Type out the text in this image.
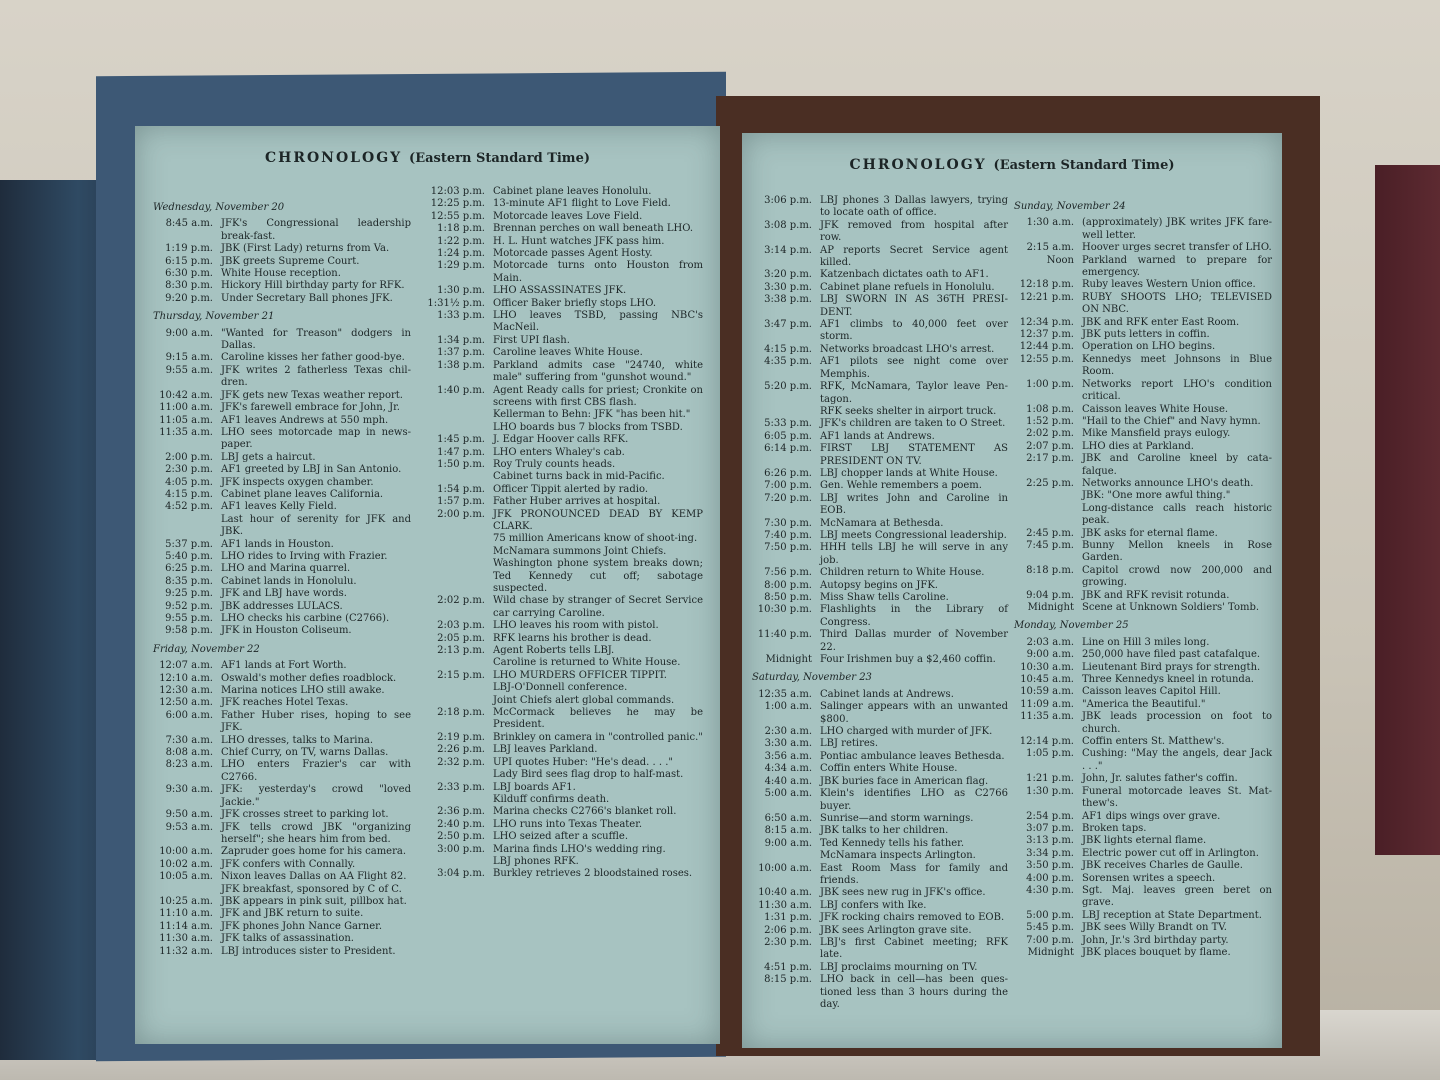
CHRONOLOGY (Eastern Standard Time)
Wednesday, November 20
8:45 a.m. JFK's Congressional leadership break-fast.
1:19 p.m. JBK (First Lady) returns from Va.
6:15 p.m. JBK greets Supreme Court.
6:30 p.m. White House reception.
8:30 p.m. Hickory Hill birthday party for RFK.
9:20 p.m. Under Secretary Ball phones JFK.
Thursday, November 21
9:00 a.m. "Wanted for Treason" dodgers in Dallas.
9:15 a.m. Caroline kisses her father good-bye.
9:55 a.m. JFK writes 2 fatherless Texas chil-dren.
10:42 a.m. JFK gets new Texas weather report.
11:00 a.m. JFK's farewell embrace for John, Jr.
11:05 a.m. AF1 leaves Andrews at 550 mph.
11:35 a.m. LHO sees motorcade map in news-paper.
2:00 p.m. LBJ gets a haircut.
2:30 p.m. AF1 greeted by LBJ in San Antonio.
4:05 p.m. JFK inspects oxygen chamber.
4:15 p.m. Cabinet plane leaves California.
4:52 p.m. AF1 leaves Kelly Field.
Last hour of serenity for JFK and JBK.
5:37 p.m. AF1 lands in Houston.
5:40 p.m. LHO rides to Irving with Frazier.
6:25 p.m. LHO and Marina quarrel.
8:35 p.m. Cabinet lands in Honolulu.
9:25 p.m. JFK and LBJ have words.
9:52 p.m. JBK addresses LULACS.
9:55 p.m. LHO checks his carbine (C2766).
9:58 p.m. JFK in Houston Coliseum.
Friday, November 22
12:07 a.m. AF1 lands at Fort Worth.
12:10 a.m. Oswald's mother defies roadblock.
12:30 a.m. Marina notices LHO still awake.
12:50 a.m. JFK reaches Hotel Texas.
6:00 a.m. Father Huber rises, hoping to see JFK.
7:30 a.m. LHO dresses, talks to Marina.
8:08 a.m. Chief Curry, on TV, warns Dallas.
8:23 a.m. LHO enters Frazier's car with C2766.
9:30 a.m. JFK: yesterday's crowd "loved Jackie."
9:50 a.m. JFK crosses street to parking lot.
9:53 a.m. JFK tells crowd JBK "organizing herself"; she hears him from bed.
10:00 a.m. Zapruder goes home for his camera.
10:02 a.m. JFK confers with Connally.
10:05 a.m. Nixon leaves Dallas on AA Flight 82.
JFK breakfast, sponsored by C of C.
10:25 a.m. JBK appears in pink suit, pillbox hat.
11:10 a.m. JFK and JBK return to suite.
11:14 a.m. JFK phones John Nance Garner.
11:30 a.m. JFK talks of assassination.
11:32 a.m. LBJ introduces sister to President.
12:03 p.m. Cabinet plane leaves Honolulu.
12:25 p.m. 13-minute AF1 flight to Love Field.
12:55 p.m. Motorcade leaves Love Field.
1:18 p.m. Brennan perches on wall beneath LHO.
1:22 p.m. H. L. Hunt watches JFK pass him.
1:24 p.m. Motorcade passes Agent Hosty.
1:29 p.m. Motorcade turns onto Houston from Main.
1:30 p.m. LHO ASSASSINATES JFK.
1:31½ p.m. Officer Baker briefly stops LHO.
1:33 p.m. LHO leaves TSBD, passing NBC's MacNeil.
1:34 p.m. First UPI flash.
1:37 p.m. Caroline leaves White House.
1:38 p.m. Parkland admits case "24740, white male" suffering from "gunshot wound."
1:40 p.m. Agent Ready calls for priest; Cronkite on screens with first CBS flash.
Kellerman to Behn: JFK "has been hit."
LHO boards bus 7 blocks from TSBD.
1:45 p.m. J. Edgar Hoover calls RFK.
1:47 p.m. LHO enters Whaley's cab.
1:50 p.m. Roy Truly counts heads.
Cabinet turns back in mid-Pacific.
1:54 p.m. Officer Tippit alerted by radio.
1:57 p.m. Father Huber arrives at hospital.
2:00 p.m. JFK PRONOUNCED DEAD BY KEMP CLARK.
75 million Americans know of shoot-ing.
McNamara summons Joint Chiefs.
Washington phone system breaks down; Ted Kennedy cut off; sabotage suspected.
2:02 p.m. Wild chase by stranger of Secret Service car carrying Caroline.
2:03 p.m. LHO leaves his room with pistol.
2:05 p.m. RFK learns his brother is dead.
2:13 p.m. Agent Roberts tells LBJ.
Caroline is returned to White House.
2:15 p.m. LHO MURDERS OFFICER TIPPIT.
LBJ-O'Donnell conference.
Joint Chiefs alert global commands.
2:18 p.m. McCormack believes he may be President.
2:19 p.m. Brinkley on camera in "controlled panic."
2:26 p.m. LBJ leaves Parkland.
2:32 p.m. UPI quotes Huber: "He's dead. . . ."
Lady Bird sees flag drop to half-mast.
2:33 p.m. LBJ boards AF1.
Kilduff confirms death.
2:36 p.m. Marina checks C2766's blanket roll.
2:40 p.m. LHO runs into Texas Theater.
2:50 p.m. LHO seized after a scuffle.
3:00 p.m. Marina finds LHO's wedding ring.
LBJ phones RFK.
3:04 p.m. Burkley retrieves 2 bloodstained roses.
CHRONOLOGY (Eastern Standard Time)
3:06 p.m. LBJ phones 3 Dallas lawyers, trying to locate oath of office.
3:08 p.m. JFK removed from hospital after row.
3:14 p.m. AP reports Secret Service agent killed.
3:20 p.m. Katzenbach dictates oath to AF1.
3:30 p.m. Cabinet plane refuels in Honolulu.
3:38 p.m. LBJ SWORN IN AS 36TH PRESI-DENT.
3:47 p.m. AF1 climbs to 40,000 feet over storm.
4:15 p.m. Networks broadcast LHO's arrest.
4:35 p.m. AF1 pilots see night come over Memphis.
5:20 p.m. RFK, McNamara, Taylor leave Pen-tagon.
RFK seeks shelter in airport truck.
5:33 p.m. JFK's children are taken to O Street.
6:05 p.m. AF1 lands at Andrews.
6:14 p.m. FIRST LBJ STATEMENT AS PRESIDENT ON TV.
6:26 p.m. LBJ chopper lands at White House.
7:00 p.m. Gen. Wehle remembers a poem.
7:20 p.m. LBJ writes John and Caroline in EOB.
7:30 p.m. McNamara at Bethesda.
7:40 p.m. LBJ meets Congressional leadership.
7:50 p.m. HHH tells LBJ he will serve in any job.
7:56 p.m. Children return to White House.
8:00 p.m. Autopsy begins on JFK.
8:50 p.m. Miss Shaw tells Caroline.
10:30 p.m. Flashlights in the Library of Congress.
11:40 p.m. Third Dallas murder of November 22.
Midnight Four Irishmen buy a $2,460 coffin.
Saturday, November 23
12:35 a.m. Cabinet lands at Andrews.
1:00 a.m. Salinger appears with an unwanted $800.
2:30 a.m. LHO charged with murder of JFK.
3:30 a.m. LBJ retires.
3:56 a.m. Pontiac ambulance leaves Bethesda.
4:34 a.m. Coffin enters White House.
4:40 a.m. JBK buries face in American flag.
5:00 a.m. Klein's identifies LHO as C2766 buyer.
6:50 a.m. Sunrise—and storm warnings.
8:15 a.m. JBK talks to her children.
9:00 a.m. Ted Kennedy tells his father.
McNamara inspects Arlington.
10:00 a.m. East Room Mass for family and friends.
10:40 a.m. JBK sees new rug in JFK's office.
11:30 a.m. LBJ confers with Ike.
1:31 p.m. JFK rocking chairs removed to EOB.
2:06 p.m. JBK sees Arlington grave site.
2:30 p.m. LBJ's first Cabinet meeting; RFK late.
4:51 p.m. LBJ proclaims mourning on TV.
8:15 p.m. LHO back in cell—has been ques-tioned less than 3 hours during the day.
Sunday, November 24
1:30 a.m. (approximately) JBK writes JFK fare-well letter.
2:15 a.m. Hoover urges secret transfer of LHO.
Noon Parkland warned to prepare for emergency.
12:18 p.m. Ruby leaves Western Union office.
12:21 p.m. RUBY SHOOTS LHO; TELEVISED ON NBC.
12:34 p.m. JBK and RFK enter East Room.
12:37 p.m. JBK puts letters in coffin.
12:44 p.m. Operation on LHO begins.
12:55 p.m. Kennedys meet Johnsons in Blue Room.
1:00 p.m. Networks report LHO's condition critical.
1:08 p.m. Caisson leaves White House.
1:52 p.m. "Hail to the Chief" and Navy hymn.
2:02 p.m. Mike Mansfield prays eulogy.
2:07 p.m. LHO dies at Parkland.
2:17 p.m. JBK and Caroline kneel by cata-falque.
2:25 p.m. Networks announce LHO's death.
JBK: "One more awful thing."
Long-distance calls reach historic peak.
2:45 p.m. JBK asks for eternal flame.
7:45 p.m. Bunny Mellon kneels in Rose Garden.
8:18 p.m. Capitol crowd now 200,000 and growing.
9:04 p.m. JBK and RFK revisit rotunda.
Midnight Scene at Unknown Soldiers' Tomb.
Monday, November 25
2:03 a.m. Line on Hill 3 miles long.
9:00 a.m. 250,000 have filed past catafalque.
10:30 a.m. Lieutenant Bird prays for strength.
10:45 a.m. Three Kennedys kneel in rotunda.
10:59 a.m. Caisson leaves Capitol Hill.
11:09 a.m. "America the Beautiful."
11:35 a.m. JBK leads procession on foot to church.
12:14 p.m. Coffin enters St. Matthew's.
1:05 p.m. Cushing: "May the angels, dear Jack . . ."
1:21 p.m. John, Jr. salutes father's coffin.
1:30 p.m. Funeral motorcade leaves St. Mat-thew's.
2:54 p.m. AF1 dips wings over grave.
3:07 p.m. Broken taps.
3:13 p.m. JBK lights eternal flame.
3:34 p.m. Electric power cut off in Arlington.
3:50 p.m. JBK receives Charles de Gaulle.
4:00 p.m. Sorensen writes a speech.
4:30 p.m. Sgt. Maj. leaves green beret on grave.
5:00 p.m. LBJ reception at State Department.
5:45 p.m. JBK sees Willy Brandt on TV.
7:00 p.m. John, Jr.'s 3rd birthday party.
Midnight JBK places bouquet by flame.
